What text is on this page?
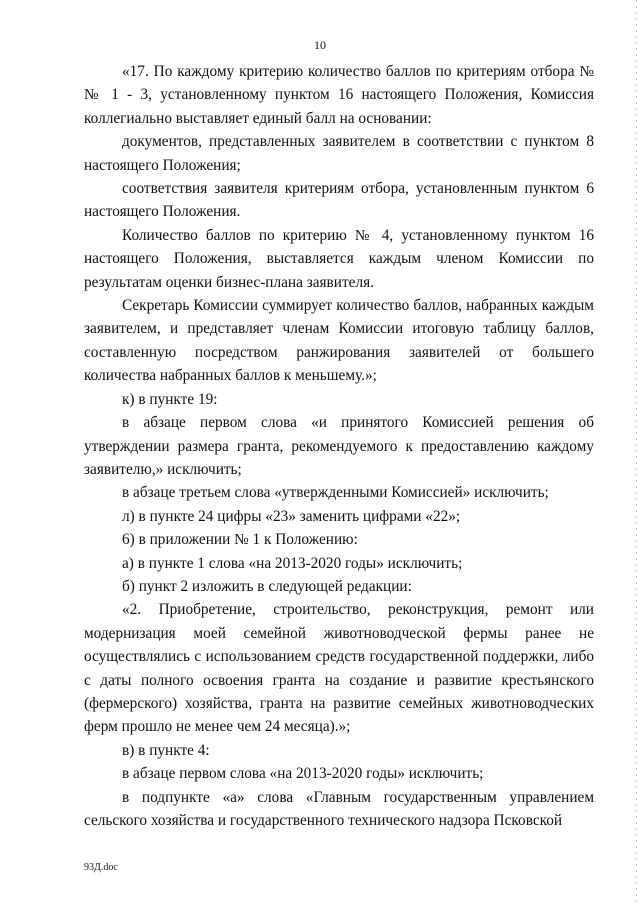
10

«17. По каждому критерию количество баллов по критериям отбора №№ 1 - 3, установленному пунктом 16 настоящего Положения, Комиссия коллегиально выставляет единый балл на основании:

документов, представленных заявителем в соответствии с пунктом 8 настоящего Положения;

соответствия заявителя критериям отбора, установленным пунктом 6 настоящего Положения.

Количество баллов по критерию № 4, установленному пунктом 16 настоящего Положения, выставляется каждым членом Комиссии по результатам оценки бизнес-плана заявителя.

Секретарь Комиссии суммирует количество баллов, набранных каждым заявителем, и представляет членам Комиссии итоговую таблицу баллов, составленную посредством ранжирования заявителей от большего количества набранных баллов к меньшему.»;

к) в пункте 19:

в абзаце первом слова «и принятого Комиссией решения об утверждении размера гранта, рекомендуемого к предоставлению каждому заявителю,» исключить;

в абзаце третьем слова «утвержденными Комиссией» исключить;

л) в пункте 24 цифры «23» заменить цифрами «22»;

6) в приложении № 1 к Положению:

а) в пункте 1 слова «на 2013-2020 годы» исключить;

б) пункт 2 изложить в следующей редакции:

«2. Приобретение, строительство, реконструкция, ремонт или модернизация моей семейной животноводческой фермы ранее не осуществлялись с использованием средств государственной поддержки, либо с даты полного освоения гранта на создание и развитие крестьянского (фермерского) хозяйства, гранта на развитие семейных животноводческих ферм прошло не менее чем 24 месяца).»;

в) в пункте 4:

в абзаце первом слова «на 2013-2020 годы» исключить;

в подпункте «а» слова «Главным государственным управлением сельского хозяйства и государственного технического надзора Псковской

93Д.doc
